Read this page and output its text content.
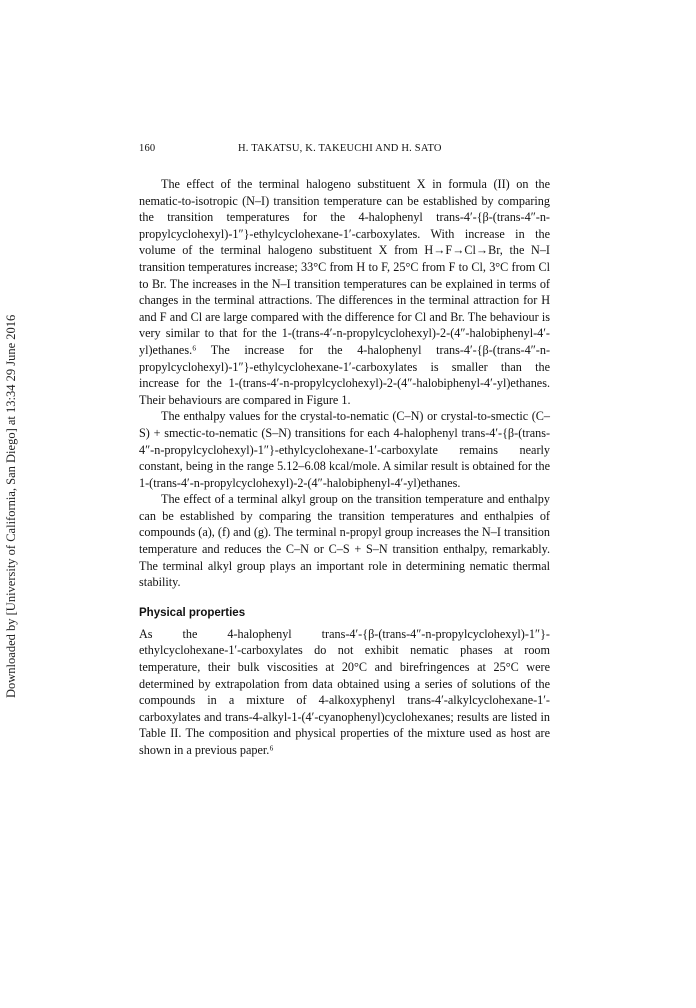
Downloaded by [University of California, San Diego] at 13:34 29 June 2016
160	H. TAKATSU, K. TAKEUCHI AND H. SATO

The effect of the terminal halogeno substituent X in formula (II) on the nematic-to-isotropic (N–I) transition temperature can be established by comparing the transition temperatures for the 4-halophenyl trans-4′-{β-(trans-4″-n-propylcyclohexyl)-1″}-ethylcyclohexane-1′-carboxylates. With increase in the volume of the terminal halogeno substituent X from H→F→Cl→Br, the N–I transition temperatures increase; 33°C from H to F, 25°C from F to Cl, 3°C from Cl to Br. The increases in the N–I transition temperatures can be explained in terms of changes in the terminal attractions. The differences in the terminal attraction for H and F and Cl are large compared with the difference for Cl and Br. The behaviour is very similar to that for the 1-(trans-4′-n-propylcyclohexyl)-2-(4″-halobiphenyl-4′-yl)ethanes.⁶ The increase for the 4-halophenyl trans-4′-{β-(trans-4″-n-propylcyclohexyl)-1″}-ethylcyclohexane-1′-carboxylates is smaller than the increase for the 1-(trans-4′-n-propylcyclohexyl)-2-(4″-halobiphenyl-4′-yl)ethanes. Their behaviours are compared in Figure 1.

The enthalpy values for the crystal-to-nematic (C–N) or crystal-to-smectic (C–S) + smectic-to-nematic (S–N) transitions for each 4-halophenyl trans-4′-{β-(trans-4″-n-propylcyclohexyl)-1″}-ethylcyclohexane-1′-carboxylate remains nearly constant, being in the range 5.12–6.08 kcal/mole. A similar result is obtained for the 1-(trans-4′-n-propylcyclohexyl)-2-(4″-halobiphenyl-4′-yl)ethanes.

The effect of a terminal alkyl group on the transition temperature and enthalpy can be established by comparing the transition temperatures and enthalpies of compounds (a), (f) and (g). The terminal n-propyl group increases the N–I transition temperature and reduces the C–N or C–S + S–N transition enthalpy, remarkably. The terminal alkyl group plays an important role in determining nematic thermal stability.

Physical properties

As the 4-halophenyl trans-4′-{β-(trans-4″-n-propylcyclohexyl)-1″}-ethylcyclohexane-1′-carboxylates do not exhibit nematic phases at room temperature, their bulk viscosities at 20°C and birefringences at 25°C were determined by extrapolation from data obtained using a series of solutions of the compounds in a mixture of 4-alkoxyphenyl trans-4′-alkylcyclohexane-1′-carboxylates and trans-4-alkyl-1-(4′-cyanophenyl)cyclohexanes; results are listed in Table II. The composition and physical properties of the mixture used as host are shown in a previous paper.⁶
